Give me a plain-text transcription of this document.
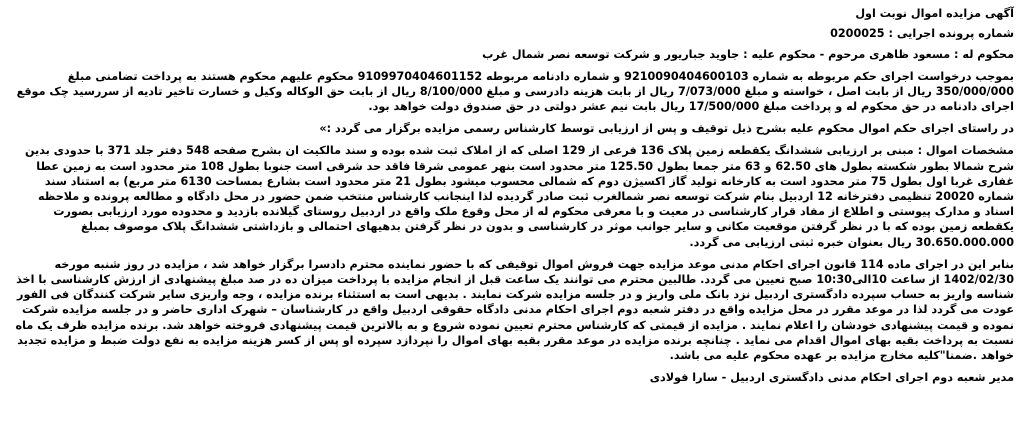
آگهی مزایده اموال نوبت اول

شماره پرونده اجرایی : 0200025

محکوم له : مسعود ظاهری مرحوم - محکوم علیه : جاوید جباریور و شرکت توسعه نصر شمال غرب

بموجب درخواست اجرای حکم مربوطه به شماره 9210090404600103 و شماره دادنامه مربوطه 9109970404601152 محکوم علیهم محکوم هستند به پرداخت تضامنی مبلغ 350/000/000 ریال از بابت اصل ، خواسته و مبلغ 7/073/000 ریال از بابت هزینه دادرسی و مبلغ 8/100/000 ریال از بابت حق الوکاله وکیل و خسارت تاخیر تادیه از سررسید چک موقع اجرای دادنامه در حق محکوم له و پرداخت مبلغ 17/500/000 ریال بابت نیم عشر دولتی در حق صندوق دولت خواهد بود.

در راستای اجرای حکم اموال محکوم علیه بشرح ذیل توقیف و پس از ارزیابی توسط کارشناس رسمی مزایده برگزار می گردد :»

مشخصات اموال : مبنی بر ارزیابی ششدانگ یکقطعه زمین پلاک 136 فرعی از 129 اصلی که از املاک ثبت شده بوده و سند مالکیت ان بشرح صفحه 548 دفتر جلد 371 با حدودی بدین شرح شمالا بطور شکسته بطول های 62.50 و 63 متر جمعا بطول 125.50 متر محدود است بنهر عمومی شرقا فاقد حد شرقی است جنوبا بطول 108 متر محدود است به زمین عطا غفاری غربا اول بطول 75 متر محدود است به کارخانه تولید گاز اکسیژن دوم که شمالی محسوب میشود بطول 21 متر محدود است بشارع بمساحت 6130 متر مربع) به استناد سند شماره 20020 تنظیمی دفترخانه 12 اردبیل بنام شرکت توسعه نصر شمالغرب ثبت صادر گردیده لذا اینجانب کارشناس منتخب ضمن حضور در محل دادگاه و مطالعه پرونده و ملاحظه اسناد و مدارک پیوستی و اطلاع از مفاد قرار کارشناسی در معیت و با معرفی محکوم له از محل وقوع ملک واقع در اردبیل روستای گیلانده بازدید و محدوده مورد ارزیابی بصورت یکقطعه زمین بوده که با در نظر گرفتن موقعیت مکانی و سایر جوانب موثر در کارشناسی و بدون در نظر گرفتن بدهیهای احتمالی و بازداشتی ششدانگ پلاک موصوف بمبلغ 30.650.000.000 ریال بعنوان خبره ثبتی ارزیابی می گردد.

بنابر این در اجرای ماده 114 قانون اجرای احکام مدنی موعد مزایده جهت فروش اموال توقیفی که با حضور نماینده محترم دادسرا برگزار خواهد شد ، مزایده در روز شنبه مورخه 1402/02/30 از ساعت 10الی10:30 صبح تعیین می گردد. طالبین محترم می توانند یک ساعت قبل از انجام مزایده با پرداخت میزان ده در صد مبلغ پیشنهادی از ارزش کارشناسی با اخذ شناسه واریز به حساب سپرده دادگستری اردبیل نزد بانک ملی واریز و در جلسه مزایده شرکت نمایند . بدیهی است به استثناء برنده مزایده ، وجه واریزی سایر شرکت کنندگان فی الفور عودت می گردد لذا در موعد مقرر در محل مزایده واقع در دفتر شعبه دوم اجرای احکام مدنی دادگاه حقوقی اردبیل واقع در کارشناسان – شهرک اداری حاضر و در جلسه مزایده شرکت نموده و قیمت پیشنهادی خودشان را اعلام نمایند . مزایده از قیمتی که کارشناس محترم تعیین نموده شروع و به بالاترین قیمت پیشنهادی فروخته خواهد شد. برنده مزایده ظرف یک ماه نسبت به پرداخت بقیه بهای اموال اقدام می نماید . چنانچه برنده مزایده در موعد مقرر بقیه بهای اموال را نپردازد سپرده او پس از کسر هزینه مزایده به نفع دولت ضبط و مزایده تجدید خواهد .ضمنا"کلیه مخارج مزایده بر عهده محکوم علیه می باشد.

مدیر شعبه دوم اجرای احکام مدنی دادگستری اردبیل - سارا فولادی
